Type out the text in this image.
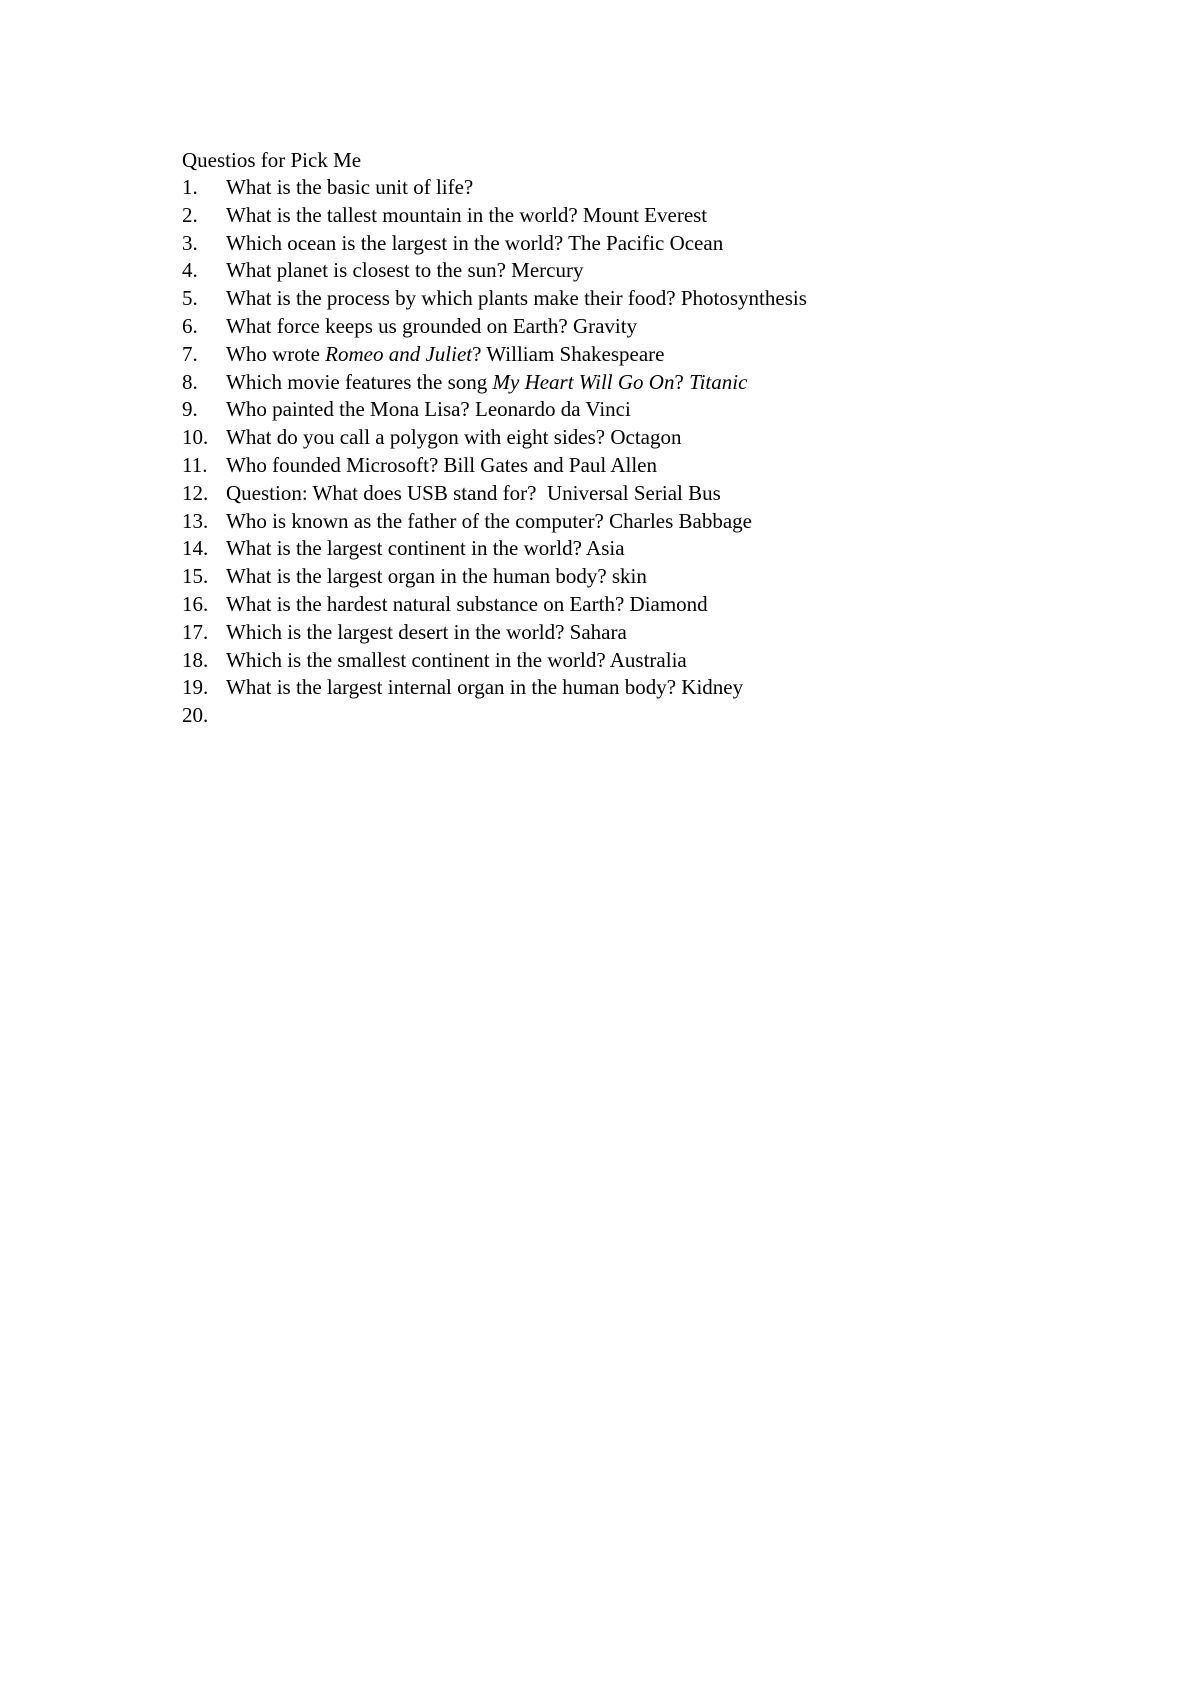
Questios for Pick Me
1.	What is the basic unit of life?
2.	What is the tallest mountain in the world? Mount Everest
3.	Which ocean is the largest in the world? The Pacific Ocean
4.	What planet is closest to the sun? Mercury
5.	What is the process by which plants make their food? Photosynthesis
6.	What force keeps us grounded on Earth? Gravity
7.	Who wrote Romeo and Juliet? William Shakespeare
8.	Which movie features the song My Heart Will Go On? Titanic
9.	Who painted the Mona Lisa? Leonardo da Vinci
10. What do you call a polygon with eight sides? Octagon
11. Who founded Microsoft? Bill Gates and Paul Allen
12. Question: What does USB stand for?  Universal Serial Bus
13. Who is known as the father of the computer? Charles Babbage
14. What is the largest continent in the world? Asia
15. What is the largest organ in the human body? skin
16. What is the hardest natural substance on Earth? Diamond
17. Which is the largest desert in the world? Sahara
18. Which is the smallest continent in the world? Australia
19. What is the largest internal organ in the human body? Kidney
20.
